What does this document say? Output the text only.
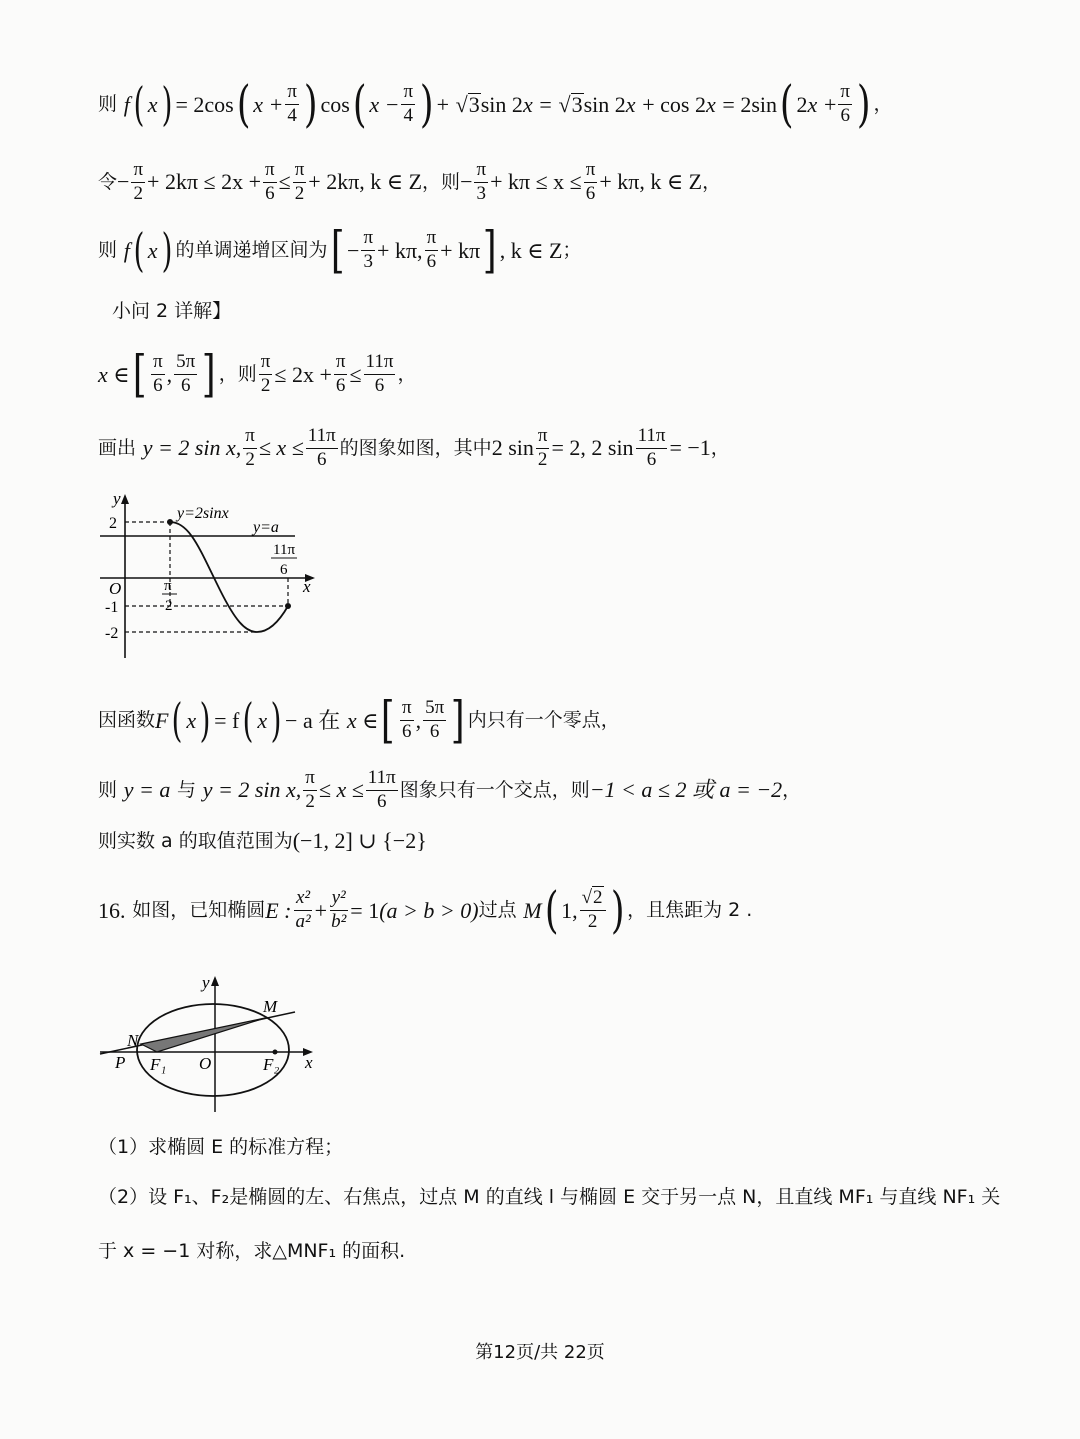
则
f ( x ) = 2cos ( $x + \frac{\pi}{4}$ ) cos ( $x - \frac{\pi}{4}$ ) +
√ 3 sin 2 x
=
√ 3 sin 2 x
+ cos 2 x
= 2sin ( 2 x
+ $\frac{\pi}{6}$ ) ，
令 − $\frac{\pi}{2} + 2k\pi \le 2x + \frac{\pi}{6} \le \frac{\pi}{2} + 2k\pi$, k ∈ Z ，则 − $\frac{\pi}{3} + k\pi \le x \le \frac{\pi}{6} + k\pi$, k ∈ Z ，
则
f ( x ) 的单调递增区间为 [ − $\frac{\pi}{3} + k\pi$, $\frac{\pi}{6} + k\pi$ ] , k ∈ Z ；
小问 2 详解】
x ∈ [ $\frac{\pi}{6}$ , $\frac{5\pi}{6}$ ] ，则 $\frac{\pi}{2} \le 2x + \frac{\pi}{6} \le \frac{11\pi}{6}$ ，
画出
y = 2 sin x, $\frac{\pi}{2} \le x \le \frac{11\pi}{6}$ 的图象如图，其中 2 $\sin \frac{\pi}{2} = 2$, 2 $\sin \frac{11\pi}{6} = -1$ ，
y
x
O
y=2sinx
y=a
2
-1
-2
π
2
11π
6
因函数 F ( x ) = f ( x ) − a 在
x ∈ [ $\frac{\pi}{6}$ , $\frac{5\pi}{6}$ ] 内只有一个零点，
则
y = a
与
y = 2 sin x, $\frac{\pi}{2} \le x \le \frac{11\pi}{6}$ 图象只有一个交点，则 −1 < a ≤ 2 或 a = −2 ，
则实数 a 的取值范围为 (−1, 2] ∪ {−2}
16.
如图，已知椭圆 E : $\frac{\text{x²}}{\text{a²}} + \frac{\text{y²}}{\text{b²}} = 1$ (a > b > 0) 过点
M ( 1, $\frac{√2}{2}$ ) ，且焦距为 2 .
y
x
M
N
P F₁ O	F₂
（1）求椭圆 E 的标准方程；
（2）设 F₁、F₂是椭圆的左、右焦点，过点 M 的直线 l 与椭圆 E 交于另一点 N，且直线 MF₁ 与直线 NF₁ 关
于 x = −1 对称，求△MNF₁ 的面积.
第12页/共 22页
